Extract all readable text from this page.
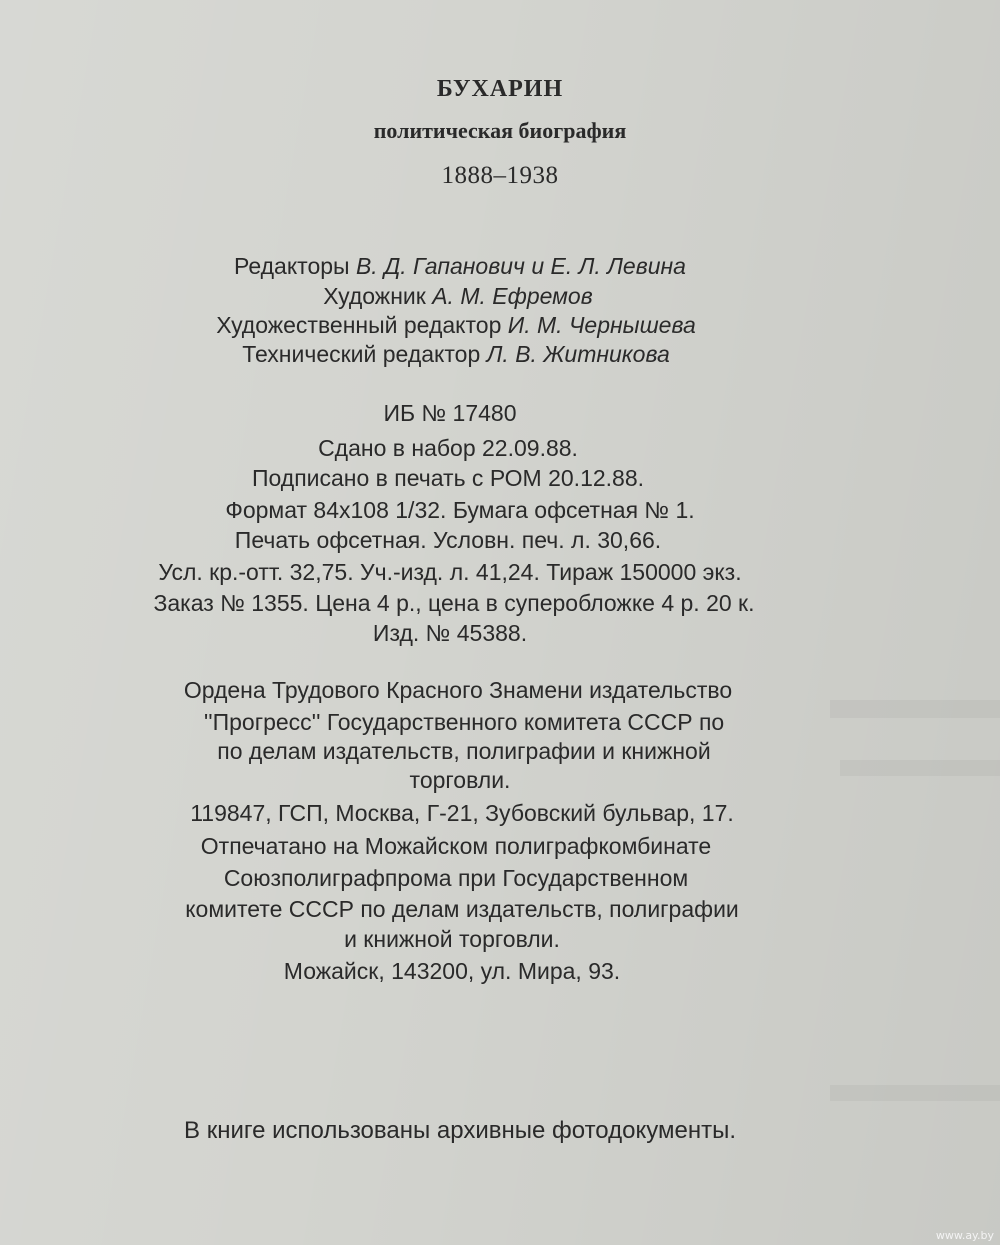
БУХАРИН
политическая биография
1888–1938
Редакторы В. Д. Гапанович и Е. Л. Левина
Художник А. М. Ефремов
Художественный редактор И. М. Чернышева
Технический редактор Л. В. Житникова
ИБ № 17480
Сдано в набор 22.09.88.
Подписано в печать с РОМ 20.12.88.
Формат 84х108 1/32. Бумага офсетная № 1.
Печать офсетная. Условн. печ. л. 30,66.
Усл. кр.-отт. 32,75. Уч.-изд. л. 41,24. Тираж 150000 экз.
Заказ № 1355. Цена 4 р., цена в суперобложке 4 р. 20 к.
Изд. № 45388.
Ордена Трудового Красного Знамени издательство
''Прогресс'' Государственного комитета СССР по
по делам издательств, полиграфии и книжной
торговли.
119847, ГСП, Москва, Г-21, Зубовский бульвар, 17.
Отпечатано на Можайском полиграфкомбинате
Союзполиграфпрома при Государственном
комитете СССР по делам издательств, полиграфии
и книжной торговли.
Можайск, 143200, ул. Мира, 93.
В книге использованы архивные фотодокументы.
www.ay.by
